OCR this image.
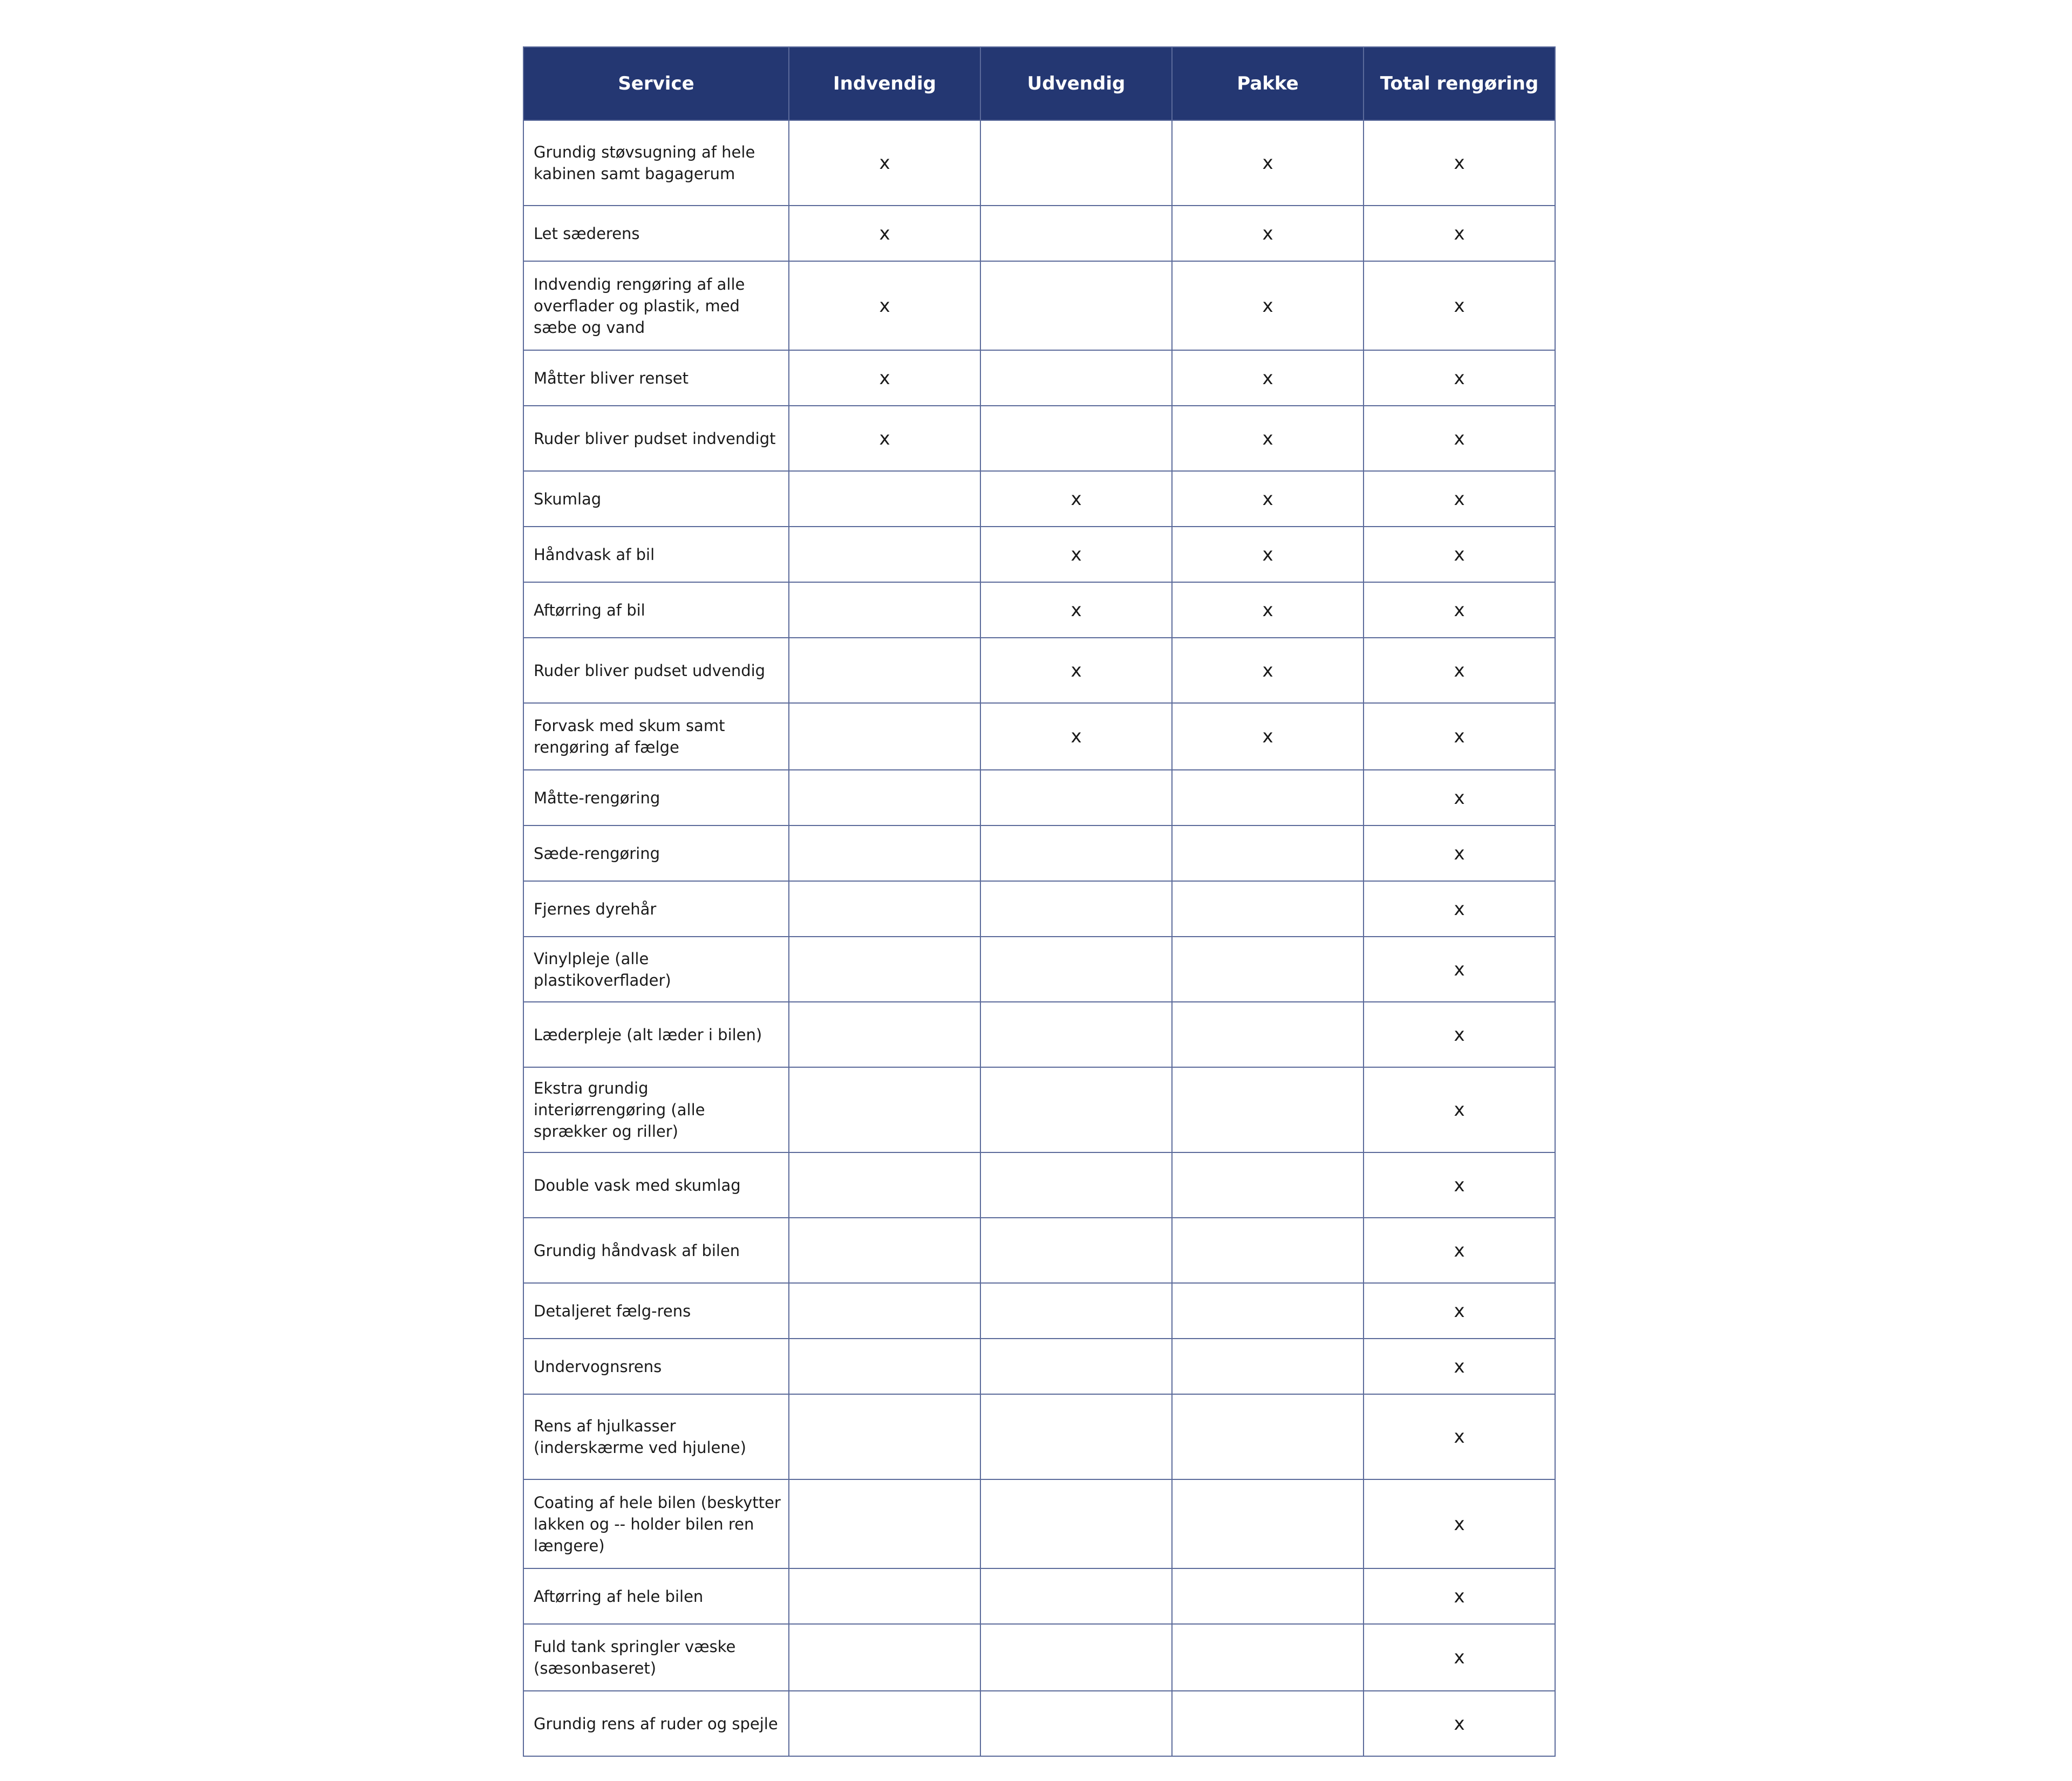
Service	Indvendig	Udvendig	Pakke	Total rengøring
Grundig støvsugning af hele kabinen samt bagagerum	x		x	x
Let sæderens	x		x	x
Indvendig rengøring af alle overflader og plastik, med sæbe og vand	x		x	x
Måtter bliver renset	x		x	x
Ruder bliver pudset indvendigt	x		x	x
Skumlag		x	x	x
Håndvask af bil		x	x	x
Aftørring af bil		x	x	x
Ruder bliver pudset udvendig		x	x	x
Forvask med skum samt rengøring af fælge		x	x	x
Måtte-rengøring				x
Sæde-rengøring				x
Fjernes dyrehår				x
Vinylpleje (alle plastikoverflader)				x
Læderpleje (alt læder i bilen)				x
Ekstra grundig interiørrengøring (alle sprækker og riller)				x
Double vask med skumlag				x
Grundig håndvask af bilen				x
Detaljeret fælg-rens				x
Undervognsrens				x
Rens af hjulkasser (inderskærme ved hjulene)				x
Coating af hele bilen (beskytter lakken og -- holder bilen ren længere)				x
Aftørring af hele bilen				x
Fuld tank springler væske (sæsonbaseret)				x
Grundig rens af ruder og spejle				x
